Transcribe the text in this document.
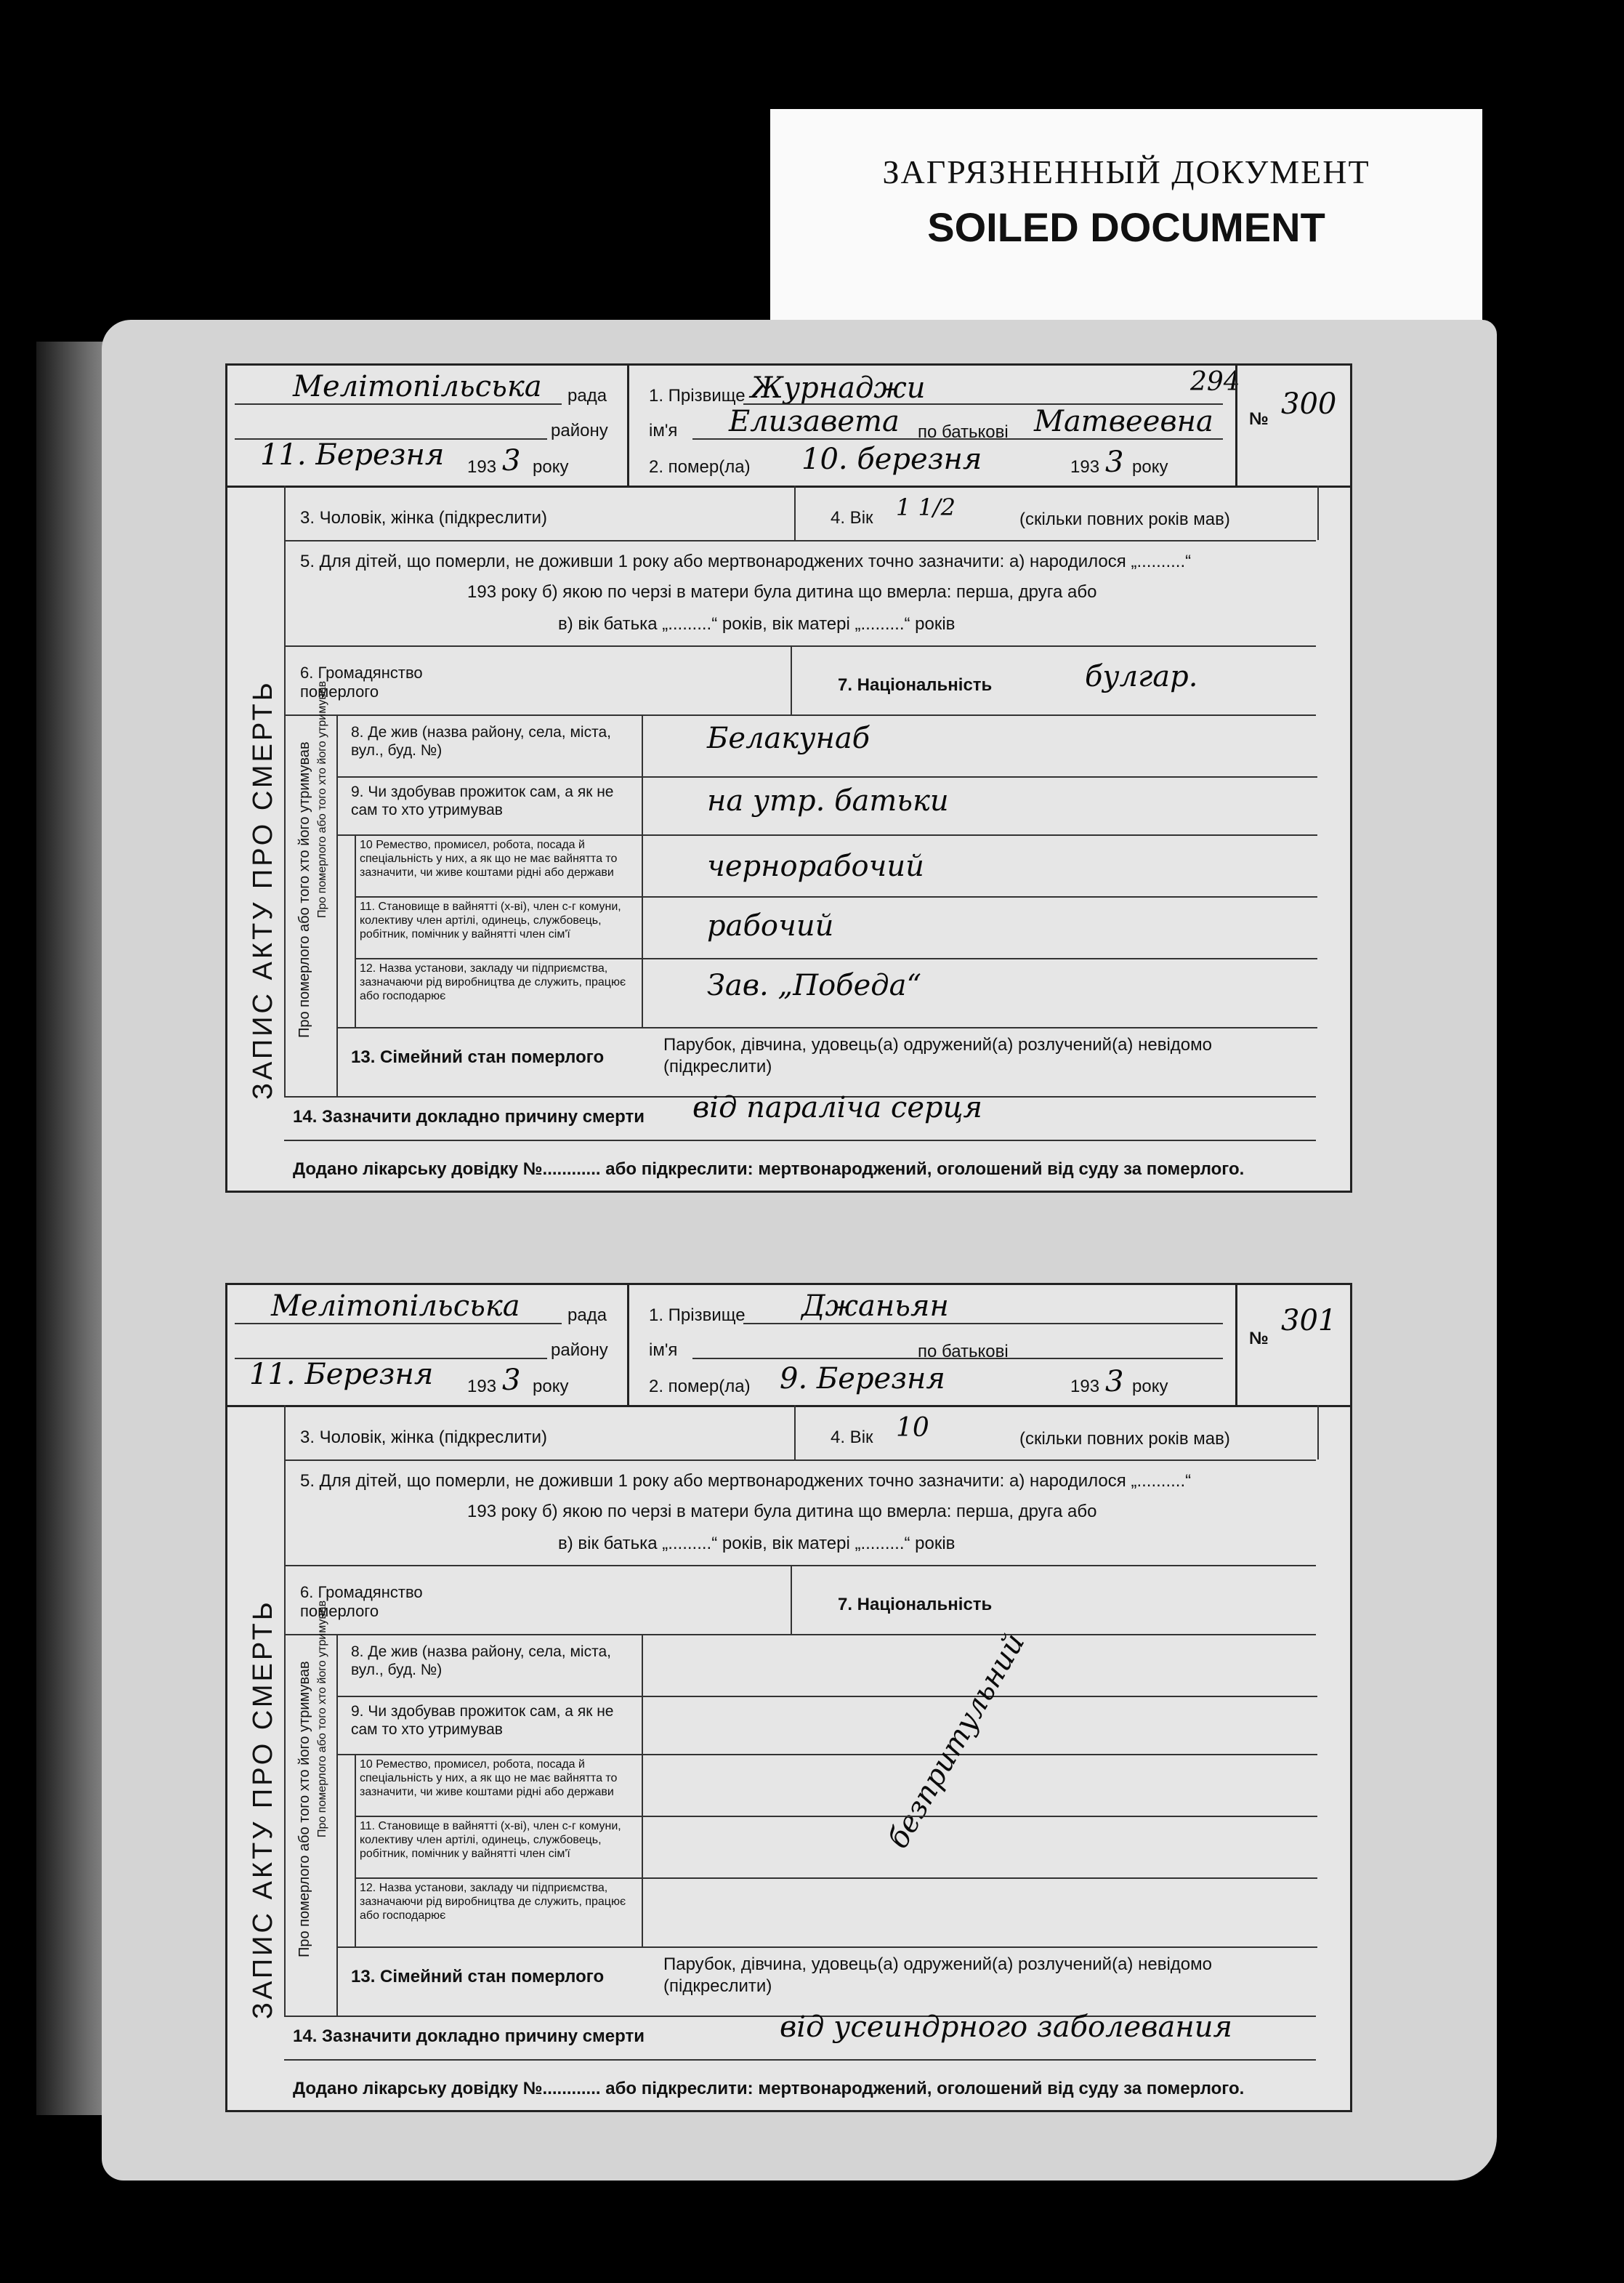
ЗАГРЯЗНЕННЫЙ ДОКУМЕНТ
SOILED DOCUMENT
Мелітопільська рада
району
11. Березня 193 3 року
1. Прізвище Журнаджи
ім'я Елизавета по батькові Матвеевна
294
2. помер(ла) 10. березня	193 3 року
№ 300
ЗАПИС АКТУ ПРО СМЕРТЬ Про померлого або того хто його утримував
3. Чоловік, жінка (підкреслити)	4. Вік 1 1/2	(скільки повних років мав)
5. Для дітей, що померли, не доживши 1 року або мертвонароджених точно зазначити: а) народилося „..........“
193 року б) якою по черзі в матери була дитина що вмерла: перша, друга або
в) вік батька „.........“ років, вік матері „.........“ років
6. Громадянство померлого	7. Національність	булгар.
8. Де жив (назва району, села, міста, вул., буд. №)	Белакунаб
9. Чи здобував прожиток сам, а як не сам то хто утримував	на утр. батьки
Про померлого або того хто його утримував	10 Ремество, промисел, робота, посада й спеціальність у них, а як що не має вайнятта то зазначити, чи живе коштами рідні або держави	чернорабочий
11. Становище в вайнятті (х-ві), член с-г комуни, колективу член артілі, одинець, службовець, робітник, помічник у вайнятті член сім'ї	рабочий
12. Назва установи, закладу чи підприємства, зазначаючи рід виробництва де служить, працює або господарює	Зав. „Победа“
13. Сімейний стан померлого
Парубок, дівчина, удовець(а) одружений(а) розлучений(а) невідомо (підкреслити)
14. Зазначити докладно причину смерти від паралiча серця
Додано лікарську довідку №............ або підкреслити: мертвонароджений, оголошений від суду за померлого.
Мелітопільська	рада
району
11. Березня 193 3 року
1. Прізвище Джаньян
ім'я	по батькові
2. помер(ла) 9. Березня	193 3 року
№
301
ЗАПИС АКТУ ПРО СМЕРТЬ Про померлого або того хто його утримував
3. Чоловік, жінка (підкреслити)	4. Вік 10	(скільки повних років мав)
5. Для дітей, що померли, не доживши 1 року або мертвонароджених точно зазначити: а) народилося „..........“
193 року б) якою по черзі в матери була дитина що вмерла: перша, друга або
в) вік батька „.........“ років, вік матері „.........“ років
6. Громадянство померлого	7. Національність
8. Де жив (назва району, села, міста, вул., буд. №)
9. Чи здобував прожиток сам, а як не сам то хто утримував
Про померлого або того хто його утримував	10 Ремество, промисел, робота, посада й спеціальність у них, а як що не має вайнятта то зазначити, чи живе коштами рідні або держави	безпритульний
11. Становище в вайнятті (х-ві), член с-г комуни, колективу член артілі, одинець, службовець, робітник, помічник у вайнятті член сім'ї
12. Назва установи, закладу чи підприємства, зазначаючи рід виробництва де служить, працює або господарює
13. Сімейний стан померлого
Парубок, дівчина, удовець(а) одружений(а) розлучений(а) невідомо (підкреслити)
14. Зазначити докладно причину смерти	від усеиндрного заболевания
Додано лікарську довідку №............ або підкреслити: мертвонароджений, оголошений від суду за померлого.
